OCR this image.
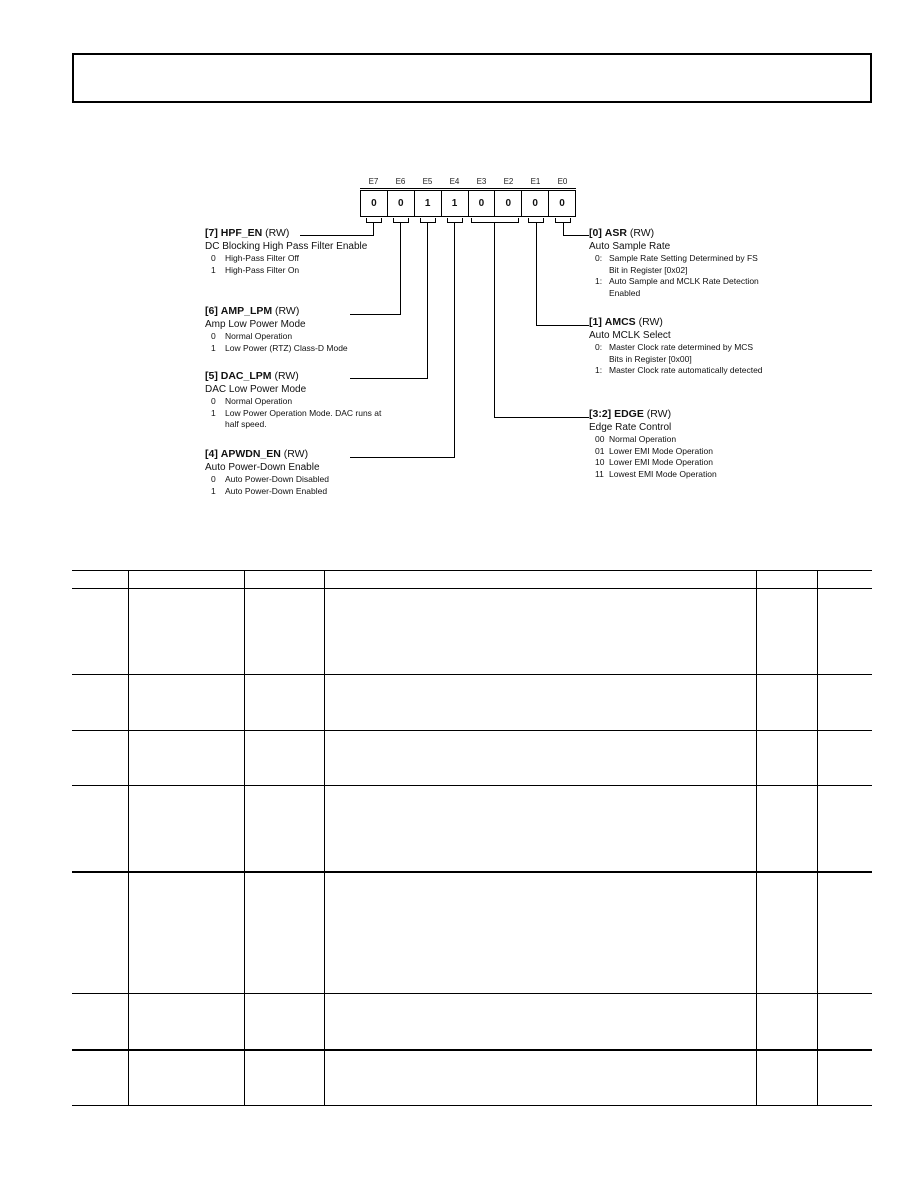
E7	E6	E5	E4	E3	E2	E1	E0
0	0	1	1	0	0	0	0
[7] HPF_EN (RW)
DC Blocking High Pass Filter Enable
0	High-Pass Filter Off
1	High-Pass Filter On
[6] AMP_LPM (RW)
Amp Low Power Mode
0	Normal Operation
1	Low Power (RTZ) Class-D Mode
[5] DAC_LPM (RW)
DAC Low Power Mode
0	Normal Operation
1	Low Power Operation Mode. DAC runs at half speed.
[4] APWDN_EN (RW)
Auto Power-Down Enable
0	Auto Power-Down Disabled
1	Auto Power-Down Enabled
[0] ASR (RW)
Auto Sample Rate
0: Sample Rate Setting Determined by FS Bit in Register [0x02]
1: Auto Sample and MCLK Rate Detection Enabled
[1] AMCS (RW)
Auto MCLK Select
0: Master Clock rate determined by MCS Bits in Register [0x00]
1: Master Clock rate automatically detected
[3:2] EDGE (RW)
Edge Rate Control
00 Normal Operation
01 Lower EMI Mode Operation
10 Lower EMI Mode Operation
11 Lowest EMI Mode Operation
